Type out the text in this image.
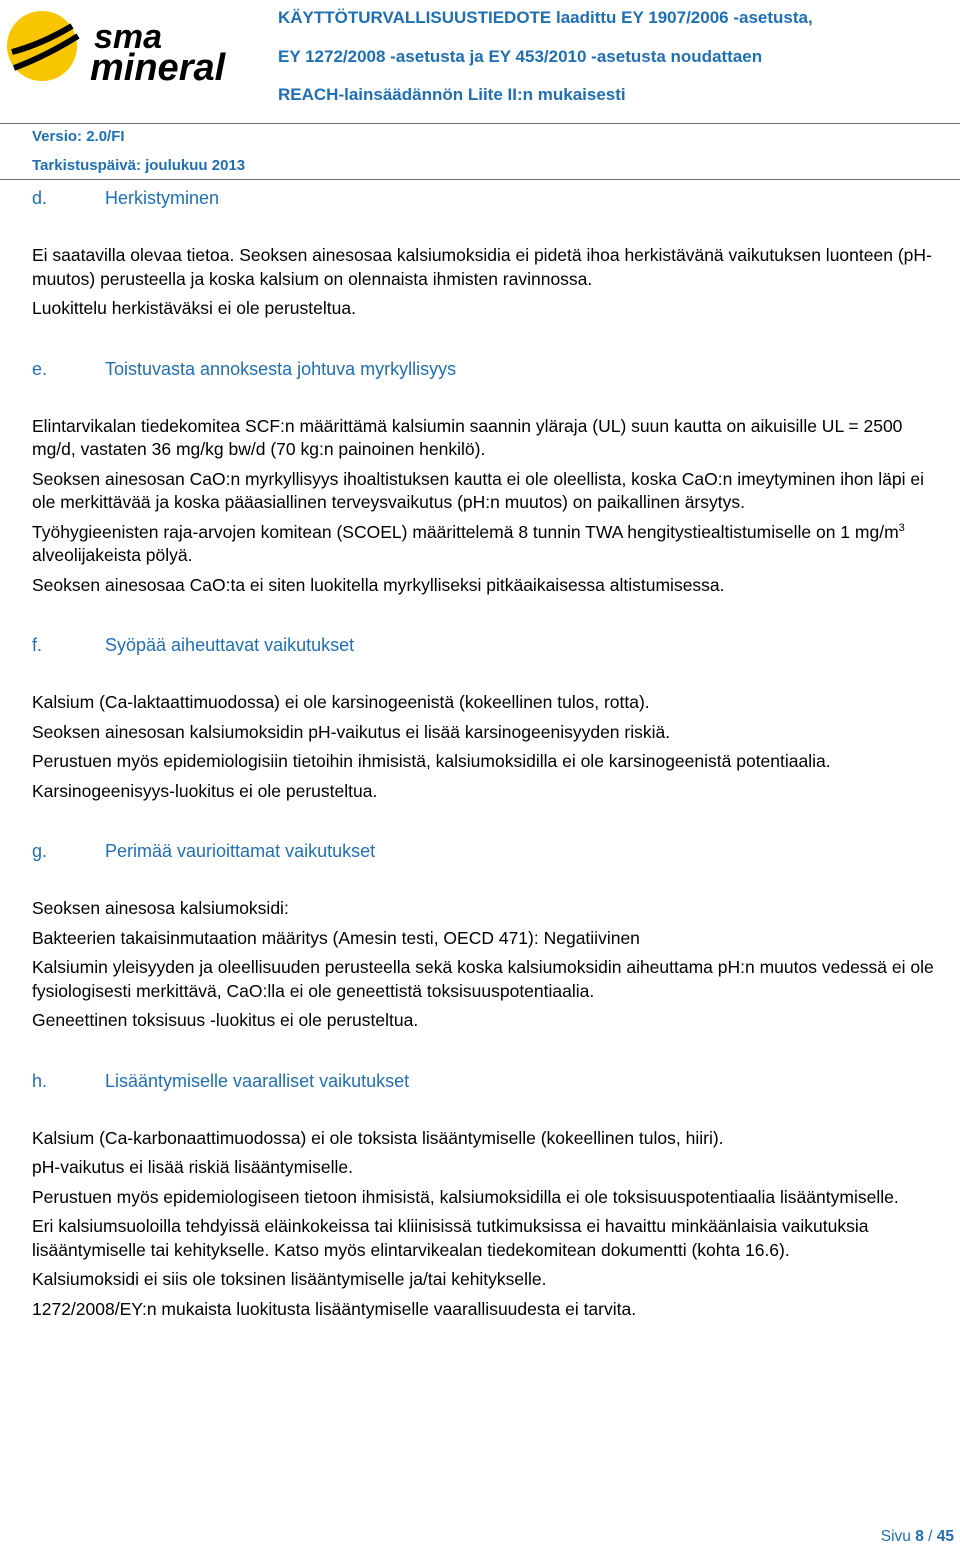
sma
mineral
KÄYTTÖTURVALLISUUSTIEDOTE laadittu EY 1907/2006 -asetusta,
EY 1272/2008 -asetusta ja EY 453/2010 -asetusta noudattaen
REACH-lainsäädännön Liite II:n mukaisesti
Versio: 2.0/FI
Tarkistuspäivä: joulukuu 2013
d.	Herkistyminen

Ei saatavilla olevaa tietoa. Seoksen ainesosaa kalsiumoksidia ei pidetä ihoa herkistävänä vaikutuksen luonteen (pH-muutos) perusteella ja koska kalsium on olennaista ihmisten ravinnossa.

Luokittelu herkistäväksi ei ole perusteltua.

e.	Toistuvasta annoksesta johtuva myrkyllisyys

Elintarvikalan tiedekomitea SCF:n määrittämä kalsiumin saannin yläraja (UL) suun kautta on aikuisille UL = 2500 mg/d, vastaten 36 mg/kg bw/d (70 kg:n painoinen henkilö).

Seoksen ainesosan CaO:n myrkyllisyys ihoaltistuksen kautta ei ole oleellista, koska CaO:n imeytyminen ihon läpi ei ole merkittävää ja koska pääasiallinen terveysvaikutus (pH:n muutos) on paikallinen ärsytys.

Työhygieenisten raja-arvojen komitean (SCOEL) määrittelemä 8 tunnin TWA hengitystiealtistumiselle on 1 $mg/m^3$ alveolijakeista pölyä.

Seoksen ainesosaa CaO:ta ei siten luokitella myrkylliseksi pitkäaikaisessa altistumisessa.

f.	Syöpää aiheuttavat vaikutukset

Kalsium (Ca-laktaattimuodossa) ei ole karsinogeenistä (kokeellinen tulos, rotta).

Seoksen ainesosan kalsiumoksidin pH-vaikutus ei lisää karsinogeenisyyden riskiä.

Perustuen myös epidemiologisiin tietoihin ihmisistä, kalsiumoksidilla ei ole karsinogeenistä potentiaalia.

Karsinogeenisyys-luokitus ei ole perusteltua.

g.	Perimää vaurioittamat vaikutukset

Seoksen ainesosa kalsiumoksidi:

Bakteerien takaisinmutaation määritys (Amesin testi, OECD 471): Negatiivinen

Kalsiumin yleisyyden ja oleellisuuden perusteella sekä koska kalsiumoksidin aiheuttama pH:n muutos vedessä ei ole fysiologisesti merkittävä, CaO:lla ei ole geneettistä toksisuuspotentiaalia.

Geneettinen toksisuus -luokitus ei ole perusteltua.

h.	Lisääntymiselle vaaralliset vaikutukset

Kalsium (Ca-karbonaattimuodossa) ei ole toksista lisääntymiselle (kokeellinen tulos, hiiri).

pH-vaikutus ei lisää riskiä lisääntymiselle.

Perustuen myös epidemiologiseen tietoon ihmisistä, kalsiumoksidilla ei ole toksisuuspotentiaalia lisääntymiselle.

Eri kalsiumsuoloilla tehdyissä eläinkokeissa tai kliinisissä tutkimuksissa ei havaittu minkäänlaisia vaikutuksia lisääntymiselle tai kehitykselle. Katso myös elintarvikealan tiedekomitean dokumentti (kohta 16.6).

Kalsiumoksidi ei siis ole toksinen lisääntymiselle ja/tai kehitykselle.

1272/2008/EY:n mukaista luokitusta lisääntymiselle vaarallisuudesta ei tarvita.

Sivu 8 / 45
